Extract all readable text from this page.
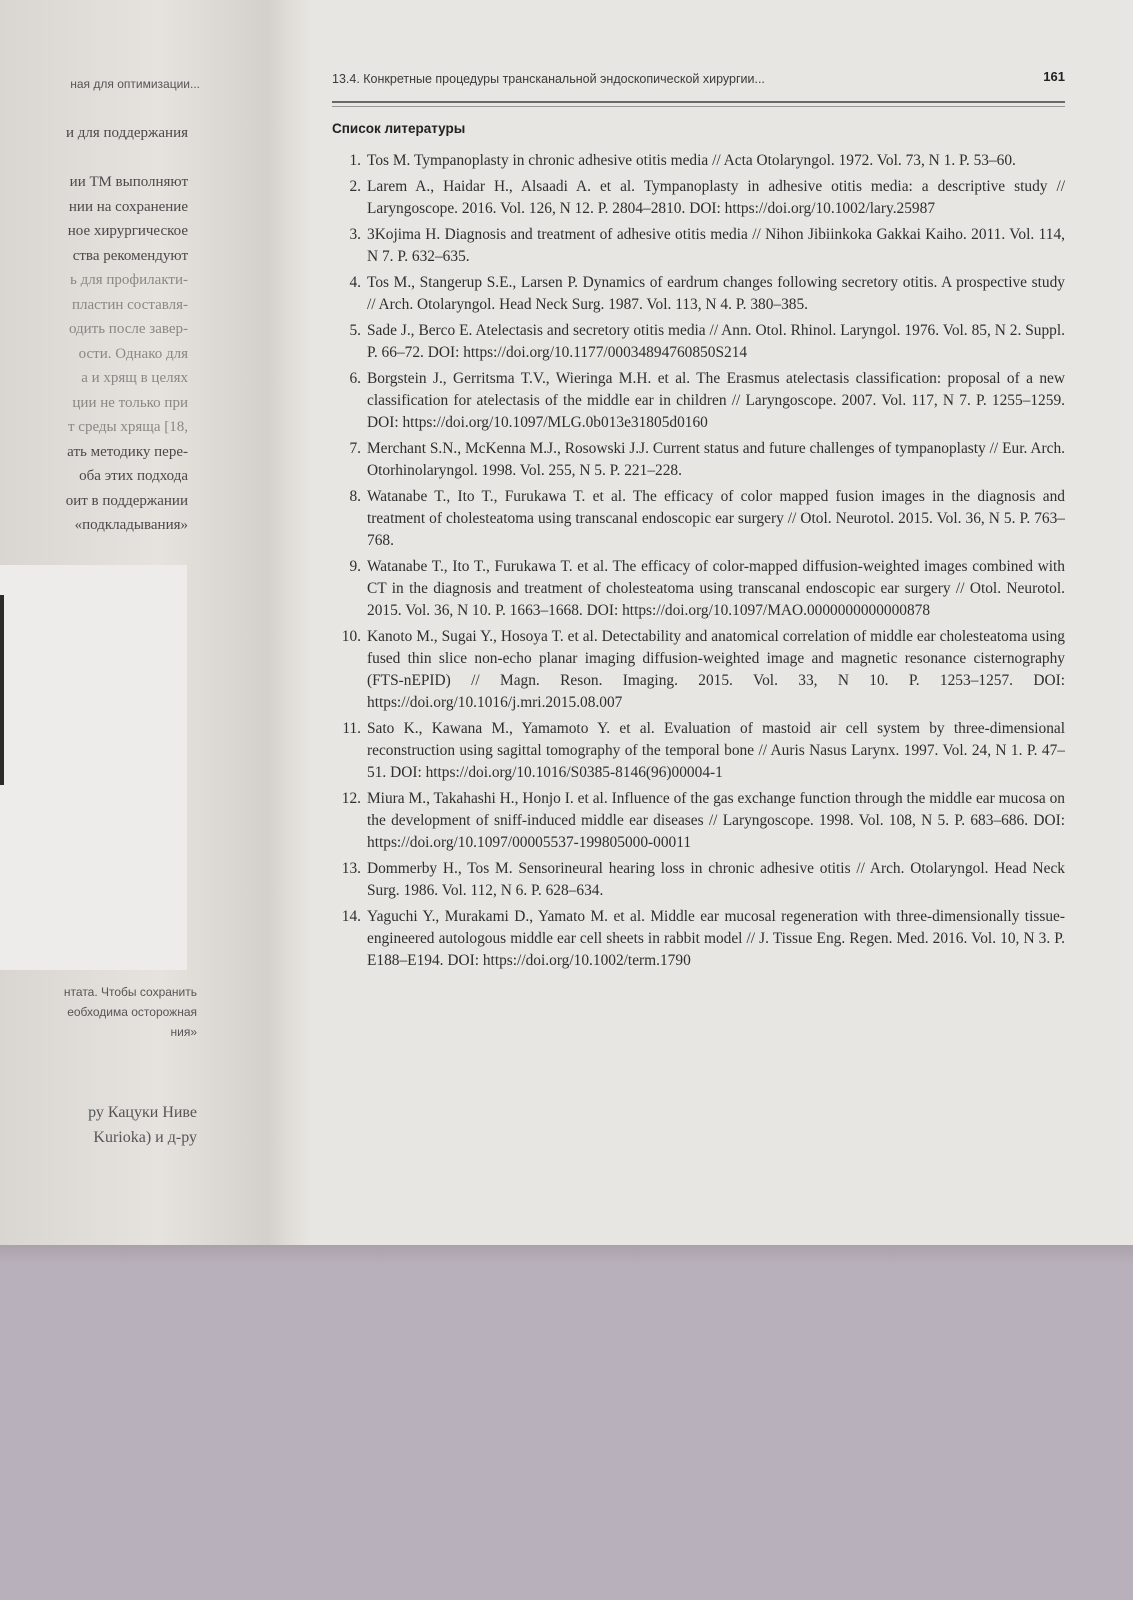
ная для оптимизации...
и для поддержания
ии ТМ выполняют
нии на сохранение
ное хирургическое
ства рекомендуют
ь для профилакти-
пластин составля-
одить после завер-
ости. Однако для
а и хрящ в целях
ции не только при
т среды хряща [18,
ать методику пере-
оба этих подхода
оит в поддержании
«подкладывания»
нтата. Чтобы сохранить
еобходима осторожная
ния»
ру Кацуки Ниве
Kurioka) и д-ру
13.4. Конкретные процедуры трансканальной эндоскопической хирургии...	161
Список литературы
1. Tos M. Tympanoplasty in chronic adhesive otitis media // Acta Otolaryngol. 1972. Vol. 73, N 1. P. 53–60.
2. Larem A., Haidar H., Alsaadi A. et al. Tympanoplasty in adhesive otitis media: a descriptive study // Laryngoscope. 2016. Vol. 126, N 12. P. 2804–2810. DOI: https://doi.org/10.1002/lary.25987
3. 3Kojima H. Diagnosis and treatment of adhesive otitis media // Nihon Jibiinkoka Gakkai Kaiho. 2011. Vol. 114, N 7. P. 632–635.
4. Tos M., Stangerup S.E., Larsen P. Dynamics of eardrum changes following secretory otitis. A prospective study // Arch. Otolaryngol. Head Neck Surg. 1987. Vol. 113, N 4. P. 380–385.
5. Sade J., Berco E. Atelectasis and secretory otitis media // Ann. Otol. Rhinol. Laryngol. 1976. Vol. 85, N 2. Suppl. P. 66–72. DOI: https://doi.org/10.1177/00034894760850S214
6. Borgstein J., Gerritsma T.V., Wieringa M.H. et al. The Erasmus atelectasis classification: proposal of a new classification for atelectasis of the middle ear in children // Laryngoscope. 2007. Vol. 117, N 7. P. 1255–1259. DOI: https://doi.org/10.1097/MLG.0b013e31805d0160
7. Merchant S.N., McKenna M.J., Rosowski J.J. Current status and future challenges of tympanoplasty // Eur. Arch. Otorhinolaryngol. 1998. Vol. 255, N 5. P. 221–228.
8. Watanabe T., Ito T., Furukawa T. et al. The efficacy of color mapped fusion images in the diagnosis and treatment of cholesteatoma using transcanal endoscopic ear surgery // Otol. Neurotol. 2015. Vol. 36, N 5. P. 763–768.
9. Watanabe T., Ito T., Furukawa T. et al. The efficacy of color-mapped diffusion-weighted images combined with CT in the diagnosis and treatment of cholesteatoma using transcanal endoscopic ear surgery // Otol. Neurotol. 2015. Vol. 36, N 10. P. 1663–1668. DOI: https://doi.org/10.1097/MAO.0000000000000878
10. Kanoto M., Sugai Y., Hosoya T. et al. Detectability and anatomical correlation of middle ear cholesteatoma using fused thin slice non-echo planar imaging diffusion-weighted image and magnetic resonance cisternography (FTS-nEPID) // Magn. Reson. Imaging. 2015. Vol. 33, N 10. P. 1253–1257. DOI: https://doi.org/10.1016/j.mri.2015.08.007
11. Sato K., Kawana M., Yamamoto Y. et al. Evaluation of mastoid air cell system by three-dimensional reconstruction using sagittal tomography of the temporal bone // Auris Nasus Larynx. 1997. Vol. 24, N 1. P. 47–51. DOI: https://doi.org/10.1016/S0385-8146(96)00004-1
12. Miura M., Takahashi H., Honjo I. et al. Influence of the gas exchange function through the middle ear mucosa on the development of sniff-induced middle ear diseases // Laryngoscope. 1998. Vol. 108, N 5. P. 683–686. DOI: https://doi.org/10.1097/00005537-199805000-00011
13. Dommerby H., Tos M. Sensorineural hearing loss in chronic adhesive otitis // Arch. Otolaryngol. Head Neck Surg. 1986. Vol. 112, N 6. P. 628–634.
14. Yaguchi Y., Murakami D., Yamato M. et al. Middle ear mucosal regeneration with three-dimensionally tissue-engineered autologous middle ear cell sheets in rabbit model // J. Tissue Eng. Regen. Med. 2016. Vol. 10, N 3. P. E188–E194. DOI: https://doi.org/10.1002/term.1790
